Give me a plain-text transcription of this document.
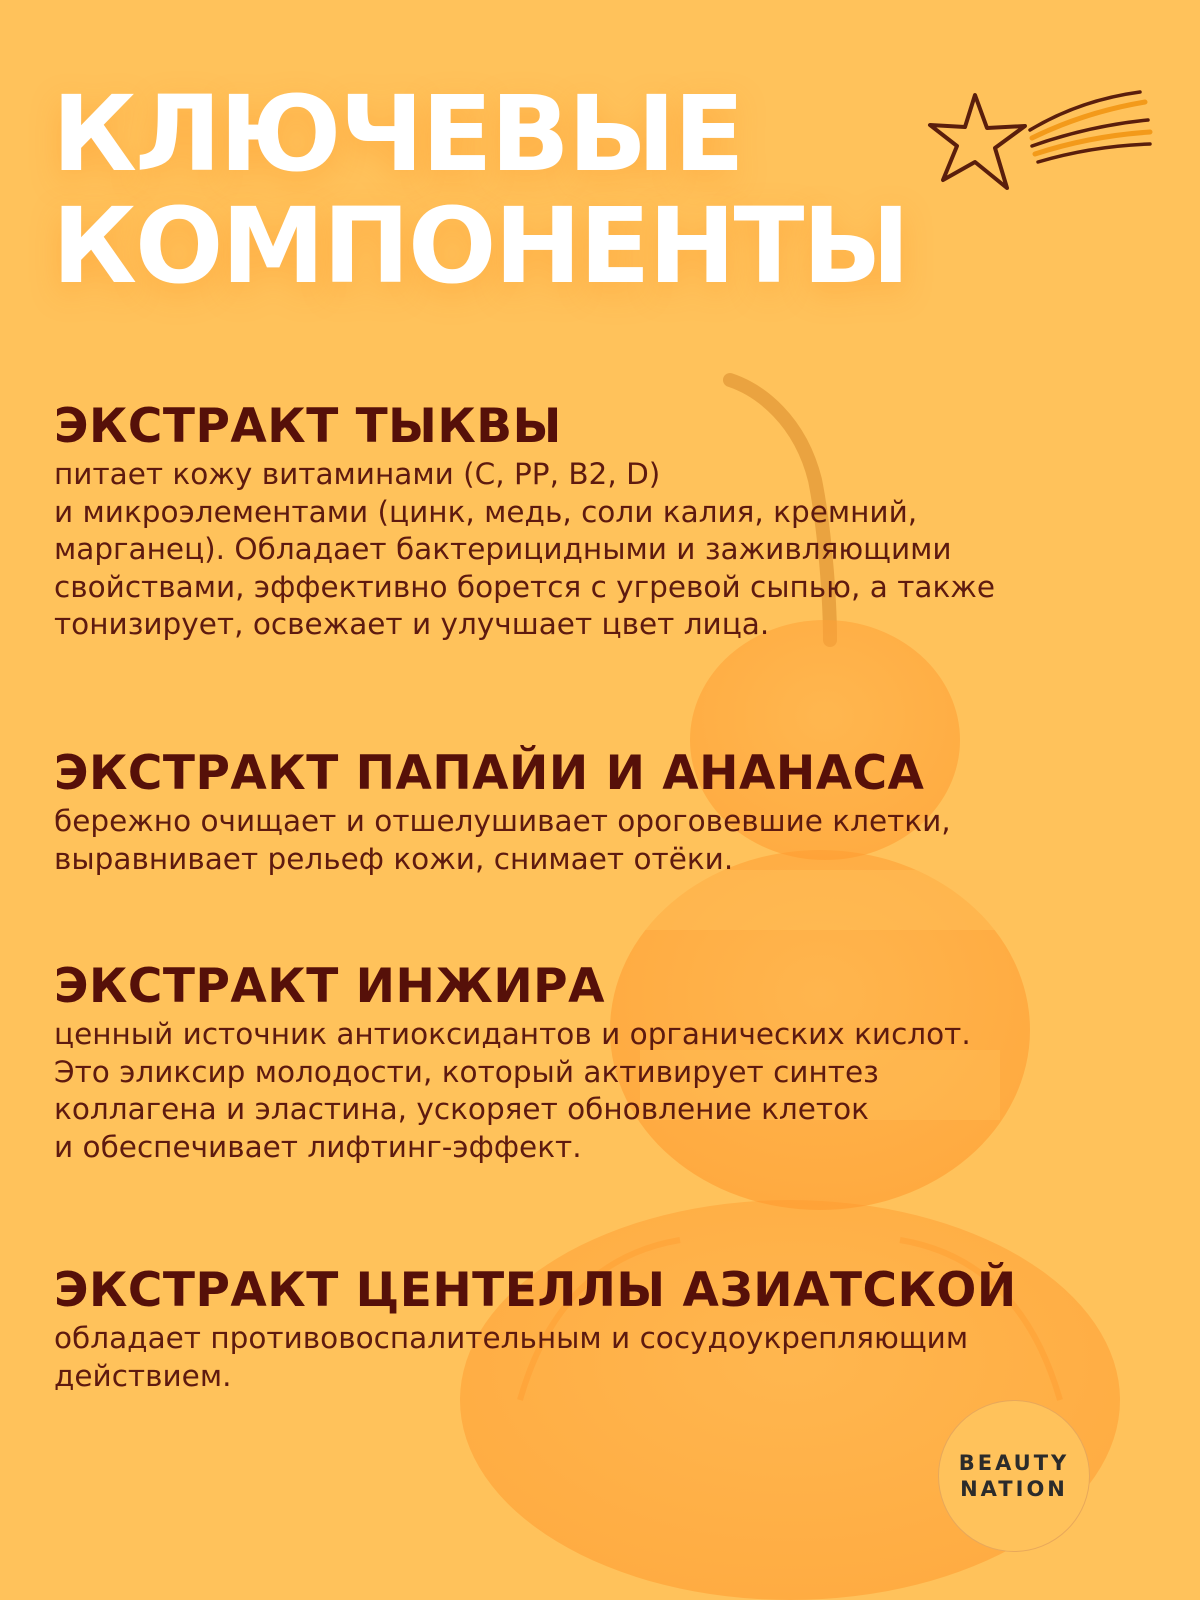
КЛЮЧЕВЫЕ
КОМПОНЕНТЫ
ЭКСТРАКТ ТЫКВЫ

питает кожу витаминами (С, PP, B2, D)
и микроэлементами (цинк, медь, соли калия, кремний,
марганец). Обладает бактерицидными и заживляющими
свойствами, эффективно борется с угревой сыпью, а также
тонизирует, освежает и улучшает цвет лица.

ЭКСТРАКТ ПАПАЙИ И АНАНАСА

бережно очищает и отшелушивает ороговевшие клетки,
выравнивает рельеф кожи, снимает отёки.

ЭКСТРАКТ ИНЖИРА

ценный источник антиоксидантов и органических кислот.
Это эликсир молодости, который активирует синтез
коллагена и эластина, ускоряет обновление клеток
и обеспечивает лифтинг-эффект.

ЭКСТРАКТ ЦЕНТЕЛЛЫ АЗИАТСКОЙ

обладает противовоспалительным и сосудоукрепляющим
действием.

BEAUTY
NATION
